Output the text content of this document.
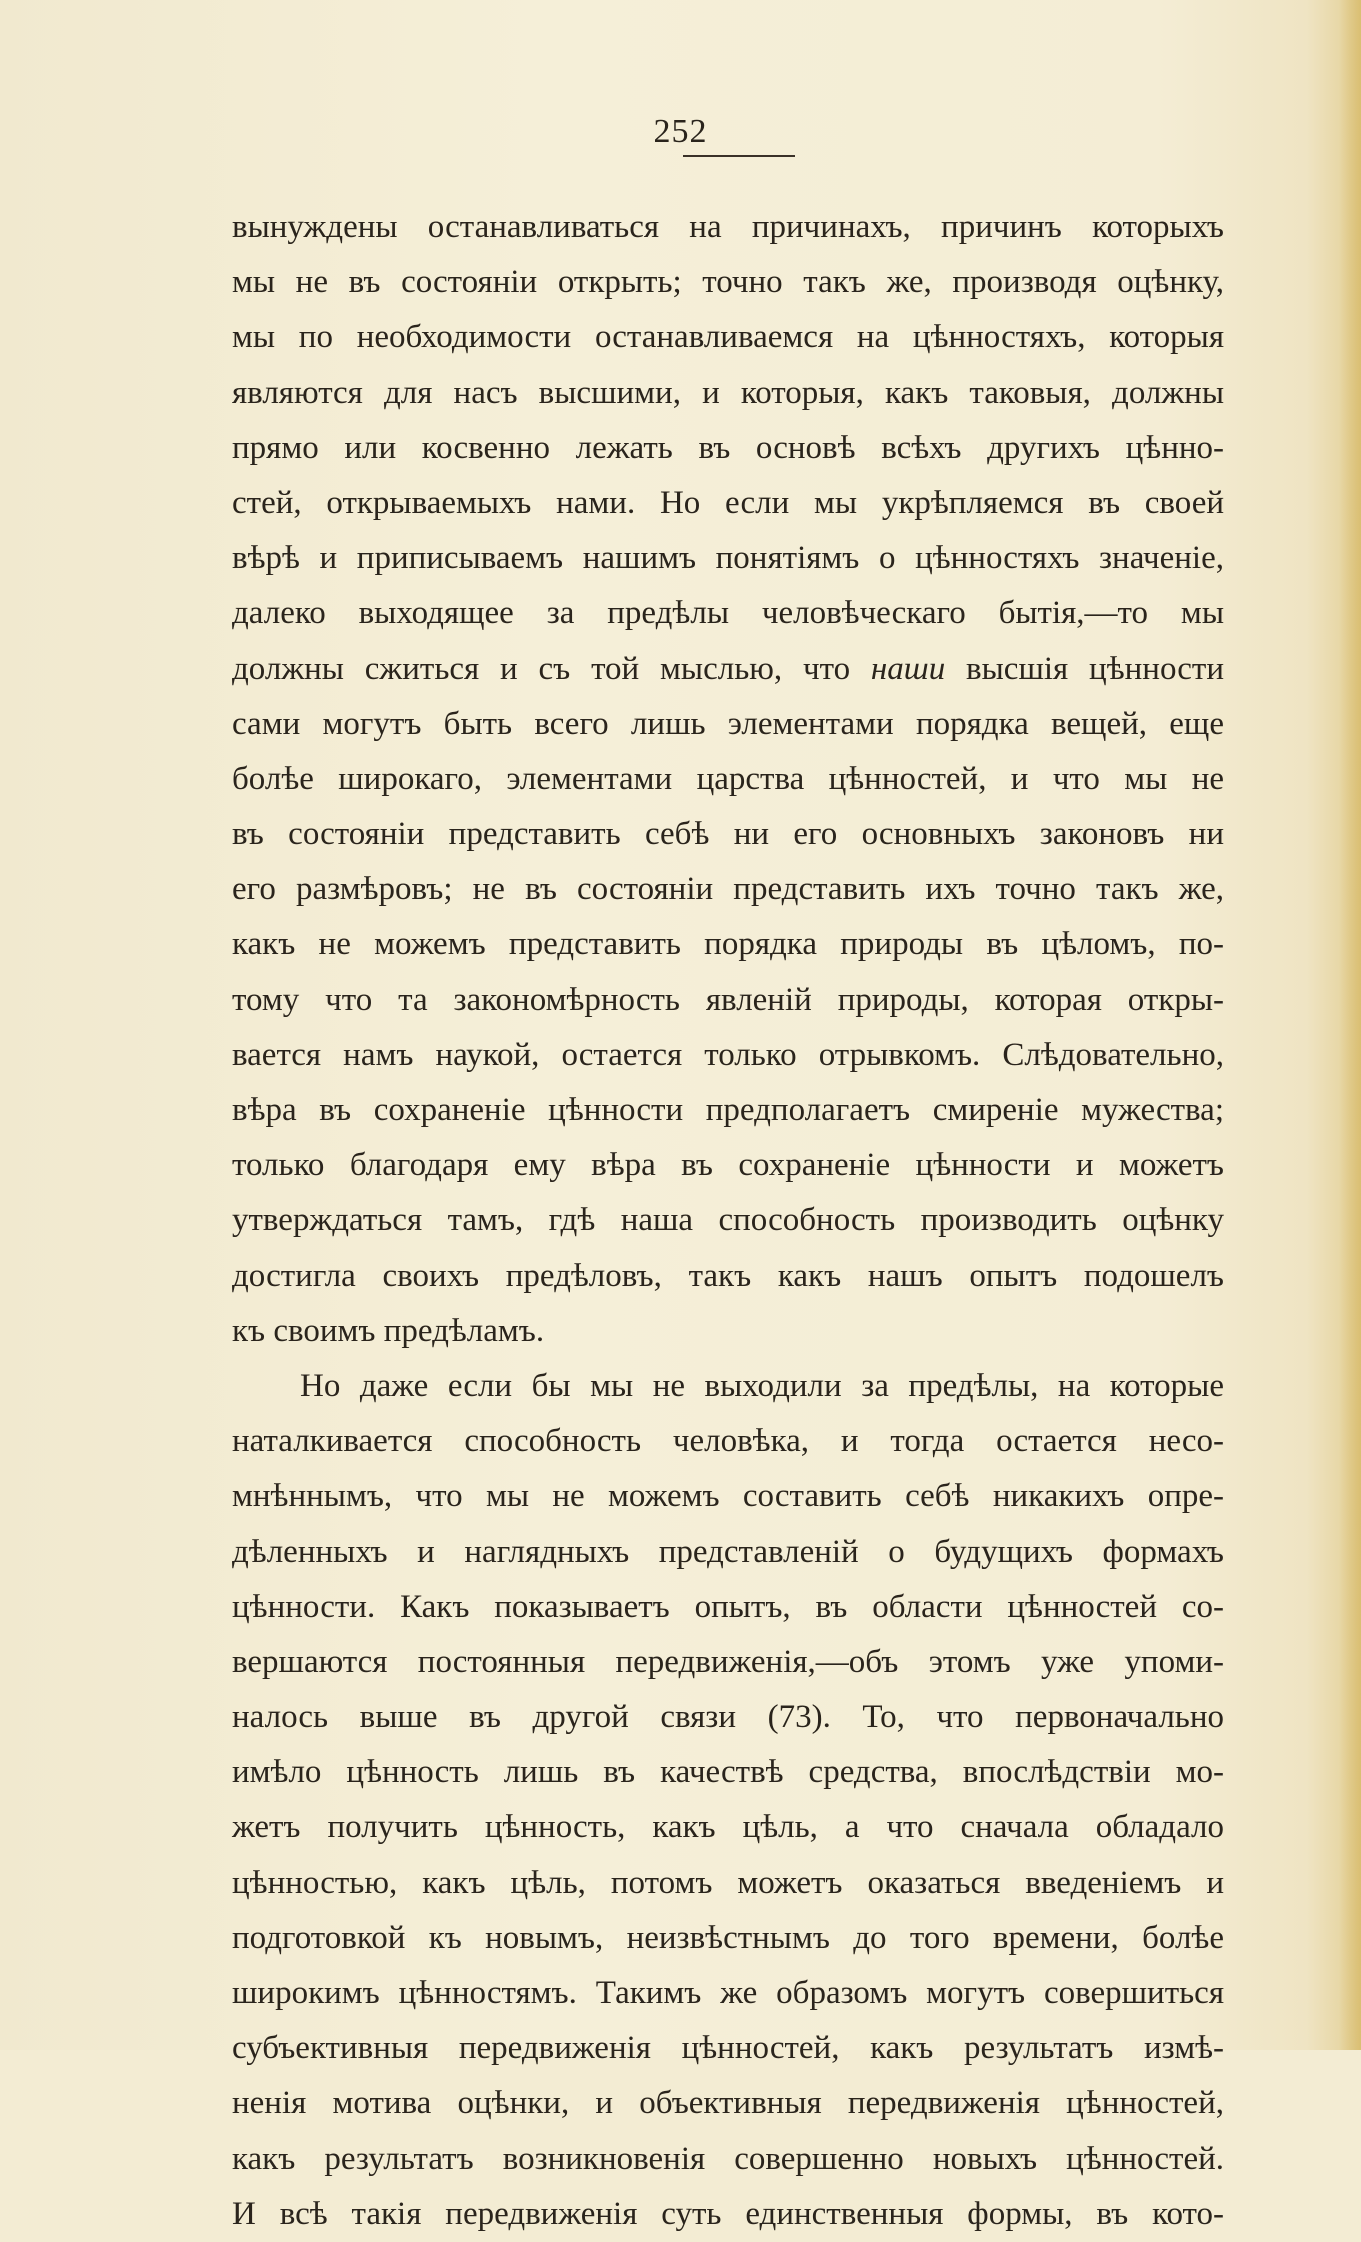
252
вынуждены останавливаться на причинахъ, причинъ которыхъ
мы не въ состояніи открыть; точно такъ же, производя оцѣнку,
мы по необходимости останавливаемся на цѣнностяхъ, которыя
являются для насъ высшими, и которыя, какъ таковыя, должны
прямо или косвенно лежать въ основѣ всѣхъ другихъ цѣнно-
стей, открываемыхъ нами. Но если мы укрѣпляемся въ своей
вѣрѣ и приписываемъ нашимъ понятіямъ о цѣнностяхъ значеніе,
далеко выходящее за предѣлы человѣческаго бытія,—то мы
должны сжиться и съ той мыслью, что наши высшія цѣнности
сами могутъ быть всего лишь элементами порядка вещей, еще
болѣе широкаго, элементами царства цѣнностей, и что мы не
въ состояніи представить себѣ ни его основныхъ законовъ ни
его размѣровъ; не въ состояніи представить ихъ точно такъ же,
какъ не можемъ представить порядка природы въ цѣломъ, по-
тому что та закономѣрность явленій природы, которая откры-
вается намъ наукой, остается только отрывкомъ. Слѣдовательно,
вѣра въ сохраненіе цѣнности предполагаетъ смиреніе мужества;
только благодаря ему вѣра въ сохраненіе цѣнности и можетъ
утверждаться тамъ, гдѣ наша способность производить оцѣнку
достигла своихъ предѣловъ, такъ какъ нашъ опытъ подошелъ
къ своимъ предѣламъ.
Но даже если бы мы не выходили за предѣлы, на которые
наталкивается способность человѣка, и тогда остается несо-
мнѣннымъ, что мы не можемъ составить себѣ никакихъ опре-
дѣленныхъ и наглядныхъ представленій о будущихъ формахъ
цѣнности. Какъ показываетъ опытъ, въ области цѣнностей со-
вершаются постоянныя передвиженія,—объ этомъ уже упоми-
налось выше въ другой связи (73). То, что первоначально
имѣло цѣнность лишь въ качествѣ средства, впослѣдствіи мо-
жетъ получить цѣнность, какъ цѣль, а что сначала обладало
цѣнностью, какъ цѣль, потомъ можетъ оказаться введеніемъ и
подготовкой къ новымъ, неизвѣстнымъ до того времени, болѣе
широкимъ цѣнностямъ. Такимъ же образомъ могутъ совершиться
субъективныя передвиженія цѣнностей, какъ результатъ измѣ-
ненія мотива оцѣнки, и объективныя передвиженія цѣнностей,
какъ результатъ возникновенія совершенно новыхъ цѣнностей.
И всѣ такія передвиженія суть единственныя формы, въ кото-
